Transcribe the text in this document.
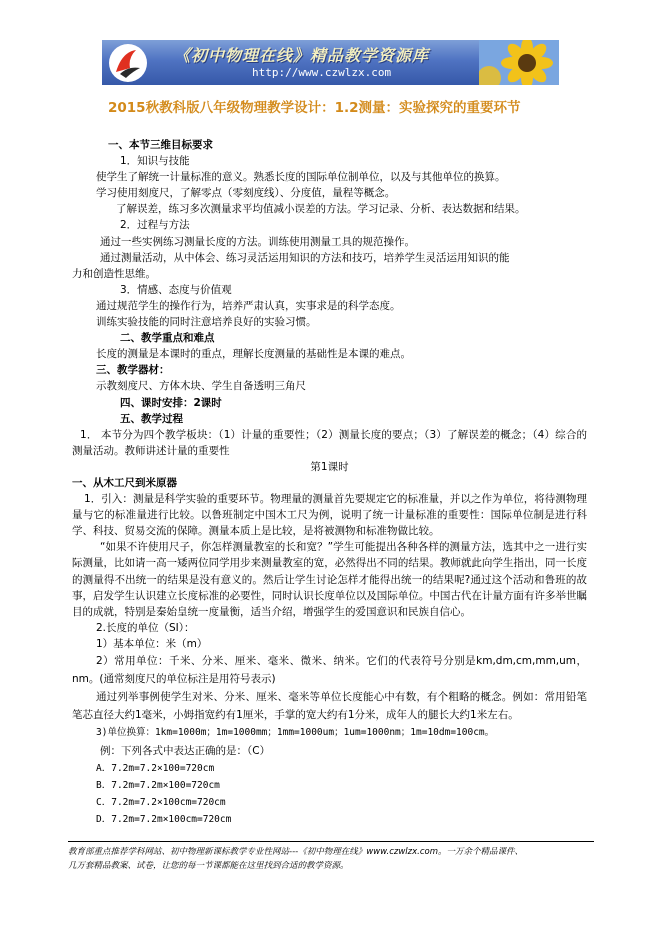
《初中物理在线》精品教学资源库
http://www.czwlzx.com
2015秋教科版八年级物理教学设计：1.2测量：实验探究的重要环节

一、本节三维目标要求

1．知识与技能

使学生了解统一计量标准的意义。熟悉长度的国际单位制单位，以及与其他单位的换算。

学习使用刻度尺，了解零点（零刻度线）、分度值，量程等概念。

了解误差，练习多次测量求平均值减小误差的方法。学习记录、分析、表达数据和结果。

2．过程与方法

通过一些实例练习测量长度的方法。训练使用测量工具的规范操作。

通过测量活动，从中体会、练习灵活运用知识的方法和技巧，培养学生灵活运用知识的能

力和创造性思维。

3．情感、态度与价值观

通过规范学生的操作行为，培养严肃认真，实事求是的科学态度。

训练实验技能的同时注意培养良好的实验习惯。

二、教学重点和难点

长度的测量是本课时的重点，理解长度测量的基础性是本课的难点。

三、教学器材：

示教刻度尺、方体木块、学生自备透明三角尺

四、课时安排：2课时

五、教学过程

1． 本节分为四个教学板块：（1）计量的重要性；（2）测量长度的要点；（3）了解误差的概念；（4）综合的测量活动。教师讲述计量的重要性

第1课时

一、从木工尺到米原器

1．引入：测量是科学实验的重要环节。物理量的测量首先要规定它的标准量，并以之作为单位，将待测物理量与它的标准量进行比较。以鲁班制定中国木工尺为例，说明了统一计量标准的重要性：国际单位制是进行科学、科技、贸易交流的保障。测量本质上是比较，是将被测物和标准物做比较。

“如果不许使用尺子，你怎样测量教室的长和宽？”学生可能提出各种各样的测量方法，选其中之一进行实际测量，比如请一高一矮两位同学用步来测量教室的宽，必然得出不同的结果。教师就此向学生指出，同一长度的测量得不出统一的结果是没有意义的。然后让学生讨论怎样才能得出统一的结果呢?通过这个活动和鲁班的故事，启发学生认识建立长度标准的必要性，同时认识长度单位以及国际单位。中国古代在计量方面有许多举世瞩目的成就，特别是秦始皇统一度量衡，适当介绍，增强学生的爱国意识和民族自信心。

2.长度的单位（SI）：

1）基本单位：米（m）

2）常用单位：千米、分米、厘米、毫米、微米、纳米。它们的代表符号分别是km,dm,cm,mm,um，nm。(通常刻度尺的单位标注是用符号表示)

通过列举事例使学生对米、分米、厘米、毫米等单位长度能心中有数，有个粗略的概念。例如：常用铅笔笔芯直径大约1毫米，小姆指宽约有1厘米，手掌的宽大约有1分米，成年人的腿长大约1米左右。

3)单位换算：1km=1000m；1m=1000mm；1mm=1000um；1um=1000nm；1m=10dm=100cm。

例：下列各式中表达正确的是：（C）

A．7.2m=7.2×100=720cm

B．7.2m=7.2m×100=720cm

C．7.2m=7.2×100cm=720cm

D．7.2m=7.2m×100cm=720cm

教育部重点推荐学科网站、初中物理新课标教学专业性网站---《初中物理在线》www.czwlzx.com。一万余个精品课件、

几万套精品教案、试卷，让您的每一节课都能在这里找到合适的教学资源。
